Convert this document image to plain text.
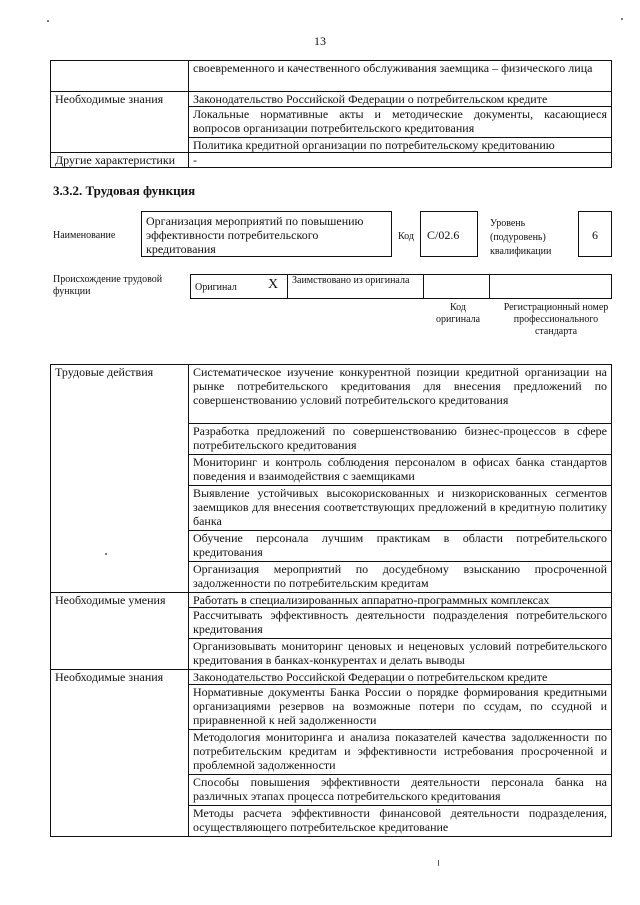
13
	своевременного и качественного обслуживания заемщика – физического лица
Необходимые знания	Законодательство Российской Федерации о потребительском кредите
	Локальные нормативные акты и методические документы, касающиеся вопросов организации потребительского кредитования
	Политика кредитной организации по потребительскому кредитованию
Другие характеристики	-
3.3.2. Трудовая функция
Наименование
Организация мероприятий по повышению эффективности потребительского кредитования
Код	С/02.6
Уровень (подуровень) квалификации
6
Происхождение трудовой функции	Оригинал	X	Заимствовано из оригинала		
Код оригинала
Регистрационный номер профессионального стандарта
Трудовые действия	Систематическое изучение конкурентной позиции кредитной организации на рынке потребительского кредитования для внесения предложений по совершенствованию условий потребительского кредитования
	Разработка предложений по совершенствованию бизнес-процессов в сфере потребительского кредитования
	Мониторинг и контроль соблюдения персоналом в офисах банка стандартов поведения и взаимодействия с заемщиками
	Выявление устойчивых высокорискованных и низкорискованных сегментов заемщиков для внесения соответствующих предложений в кредитную политику банка
	Обучение персонала лучшим практикам в области потребительского кредитования
	Организация мероприятий по досудебному взысканию просроченной задолженности по потребительским кредитам
Необходимые умения	Работать в специализированных аппаратно-программных комплексах
	Рассчитывать эффективность деятельности подразделения потребительского кредитования
	Организовывать мониторинг ценовых и неценовых условий потребительского кредитования в банках-конкурентах и делать выводы
Необходимые знания	Законодательство Российской Федерации о потребительском кредите
	Нормативные документы Банка России о порядке формирования кредитными организациями резервов на возможные потери по ссудам, по ссудной и приравненной к ней задолженности
	Методология мониторинга и анализа показателей качества задолженности по потребительским кредитам и эффективности истребования просроченной и проблемной задолженности
	Способы повышения эффективности деятельности персонала банка на различных этапах процесса потребительского кредитования
	Методы расчета эффективности финансовой деятельности подразделения, осуществляющего потребительское кредитование
